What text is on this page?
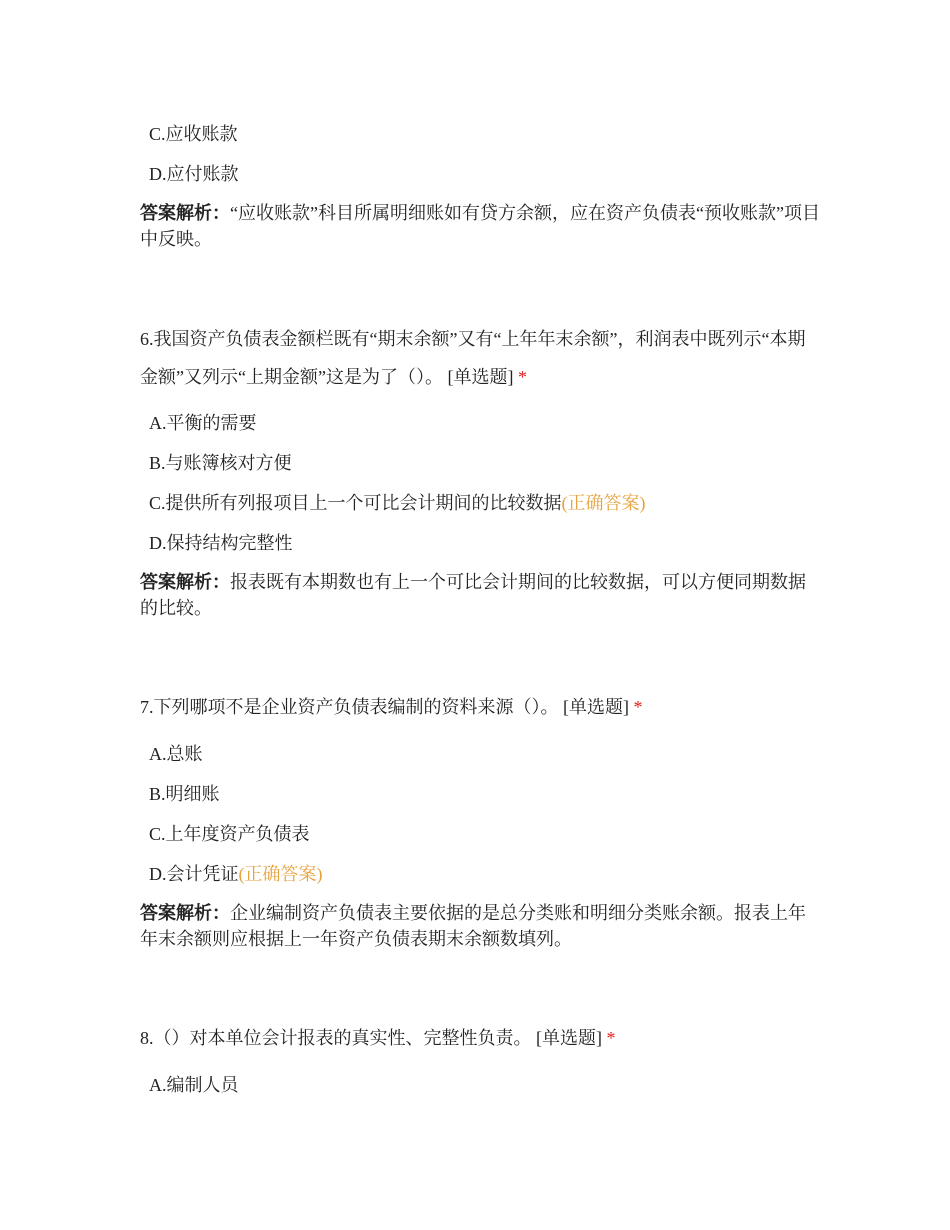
C.应收账款
D.应付账款
答案解析：“应收账款”科目所属明细账如有贷方余额，应在资产负债表“预收账款”项目中反映。
6.我国资产负债表金额栏既有“期末余额”又有“上年年末余额”，利润表中既列示“本期金额”又列示“上期金额”这是为了（）。 [单选题] *
A.平衡的需要
B.与账簿核对方便
C.提供所有列报项目上一个可比会计期间的比较数据(正确答案)
D.保持结构完整性
答案解析：报表既有本期数也有上一个可比会计期间的比较数据，可以方便同期数据的比较。
7.下列哪项不是企业资产负债表编制的资料来源（）。 [单选题] *
A.总账
B.明细账
C.上年度资产负债表
D.会计凭证(正确答案)
答案解析：企业编制资产负债表主要依据的是总分类账和明细分类账余额。报表上年年末余额则应根据上一年资产负债表期末余额数填列。
8.（）对本单位会计报表的真实性、完整性负责。 [单选题] *
A.编制人员
